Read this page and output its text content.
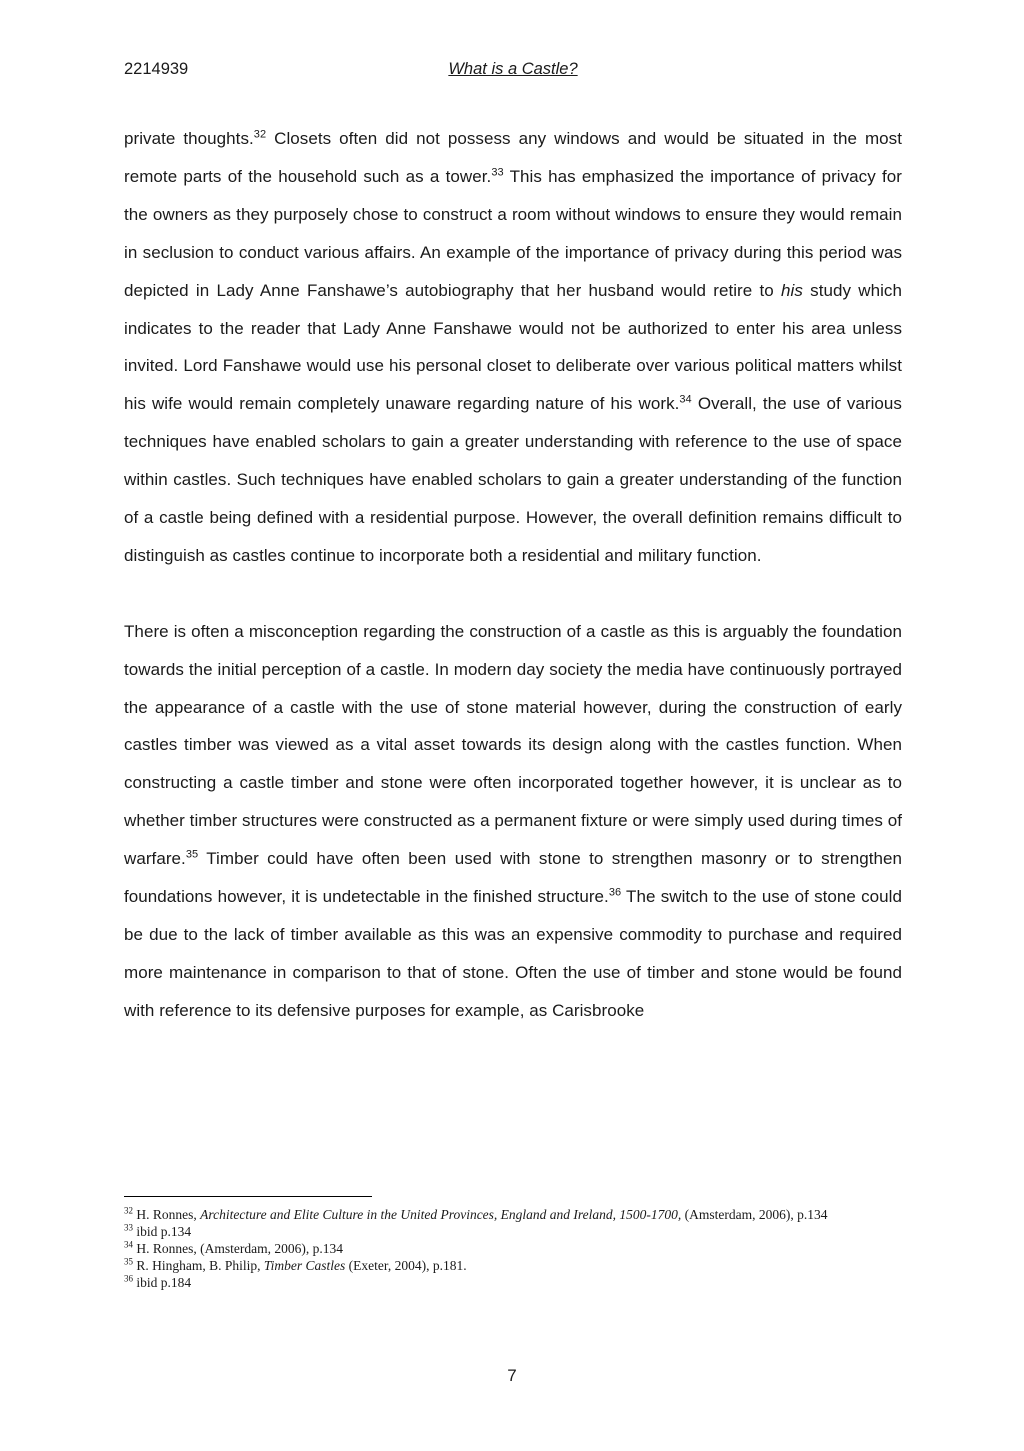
2214939	What is a Castle?

private thoughts.$^{32}$ Closets often did not possess any windows and would be situated in the most remote parts of the household such as a tower.$^{33}$ This has emphasized the importance of privacy for the owners as they purposely chose to construct a room without windows to ensure they would remain in seclusion to conduct various affairs. An example of the importance of privacy during this period was depicted in Lady Anne Fanshawe’s autobiography that her husband would retire to his study which indicates to the reader that Lady Anne Fanshawe would not be authorized to enter his area unless invited. Lord Fanshawe would use his personal closet to deliberate over various political matters whilst his wife would remain completely unaware regarding nature of his work.$^{34}$ Overall, the use of various techniques have enabled scholars to gain a greater understanding with reference to the use of space within castles. Such techniques have enabled scholars to gain a greater understanding of the function of a castle being defined with a residential purpose. However, the overall definition remains difficult to distinguish as castles continue to incorporate both a residential and military function.

There is often a misconception regarding the construction of a castle as this is arguably the foundation towards the initial perception of a castle. In modern day society the media have continuously portrayed the appearance of a castle with the use of stone material however, during the construction of early castles timber was viewed as a vital asset towards its design along with the castles function. When constructing a castle timber and stone were often incorporated together however, it is unclear as to whether timber structures were constructed as a permanent fixture or were simply used during times of warfare.$^{35}$ Timber could have often been used with stone to strengthen masonry or to strengthen foundations however, it is undetectable in the finished structure.$^{36}$ The switch to the use of stone could be due to the lack of timber available as this was an expensive commodity to purchase and required more maintenance in comparison to that of stone. Often the use of timber and stone would be found with reference to its defensive purposes for example, as Carisbrooke

$^{32}$ H. Ronnes, Architecture and Elite Culture in the United Provinces, England and Ireland, 1500-1700, (Amsterdam, 2006), p.134

$^{33}$ ibid p.134

$^{34}$ H. Ronnes, (Amsterdam, 2006), p.134

$^{35}$ R. Hingham, B. Philip, Timber Castles (Exeter, 2004), p.181.

$^{36}$ ibid p.184

7
